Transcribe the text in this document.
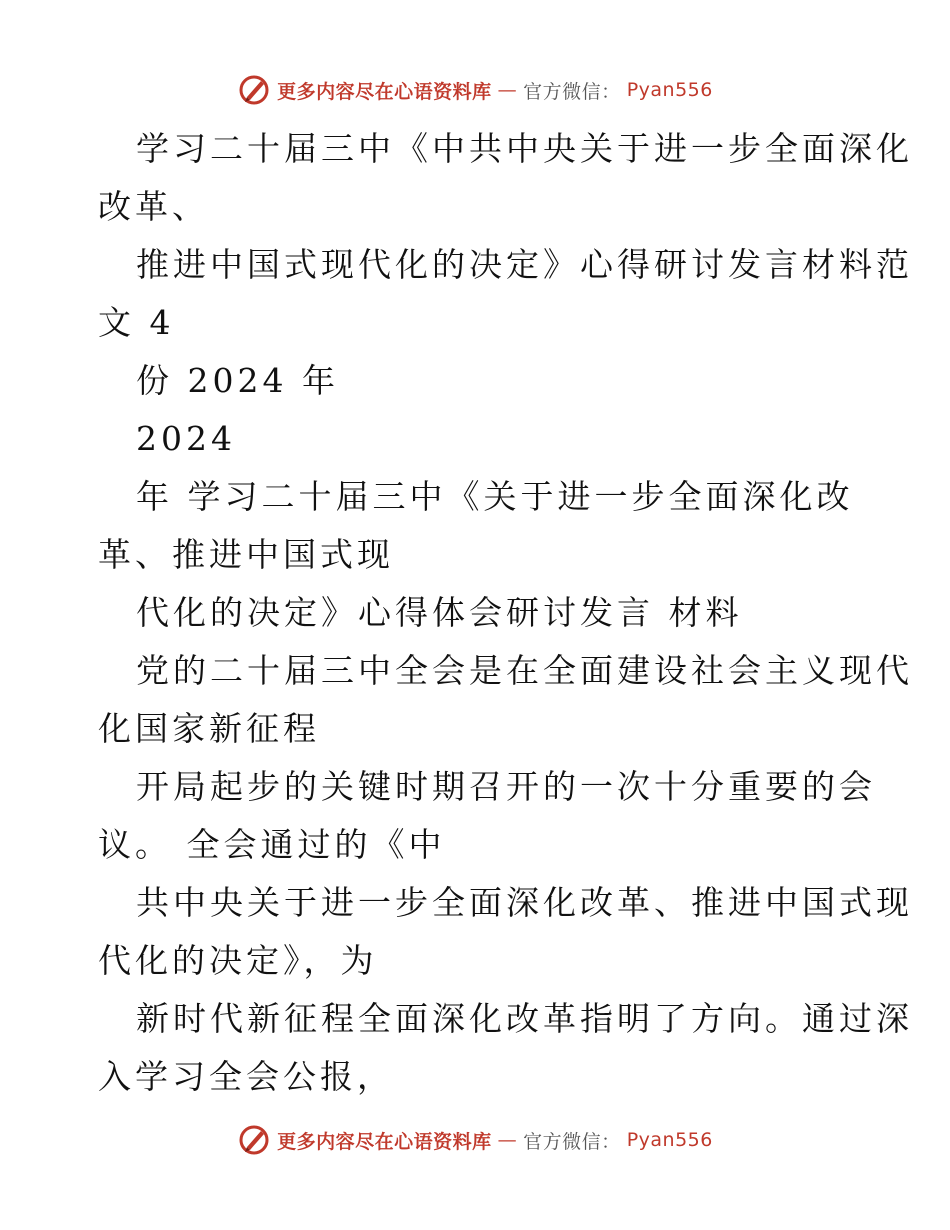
更多内容尽在心语资料库 — 官方微信： Pyan556
学习二十届三中《中共中央关于进一步全面深化
改革、
推进中国式现代化的决定》心得研讨发言材料范
文 4
份 2024 年
2024
年 学习二十届三中《关于进一步全面深化改
革、推进中国式现
代化的决定》心得体会研讨发言 材料
党的二十届三中全会是在全面建设社会主义现代
化国家新征程
开局起步的关键时期召开的一次十分重要的会
议。 全会通过的《中
共中央关于进一步全面深化改革、推进中国式现
代化的决定》，为
新时代新征程全面深化改革指明了方向。通过深
入学习全会公报，
更多内容尽在心语资料库 — 官方微信： Pyan556
